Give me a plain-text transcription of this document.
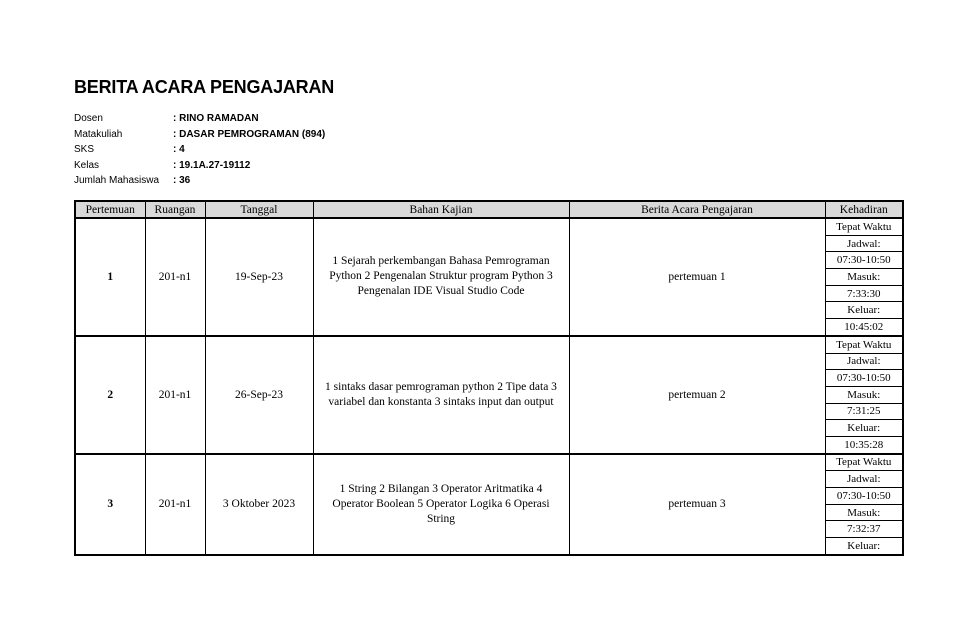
BERITA ACARA PENGAJARAN
Dosen	: RINO RAMADAN
Matakuliah	: DASAR PEMROGRAMAN (894)
SKS	: 4
Kelas	: 19.1A.27-19112
Jumlah Mahasiswa	: 36
Pertemuan	Ruangan	Tanggal	Bahan Kajian	Berita Acara Pengajaran	Kehadiran
1	201-n1	19-Sep-23	1 Sejarah perkembangan Bahasa Pemrograman Python 2 Pengenalan Struktur program Python 3 Pengenalan IDE Visual Studio Code	pertemuan 1	Tepat Waktu
					Jadwal:
					07:30-10:50
					Masuk:
					7:33:30
					Keluar:
					10:45:02
2	201-n1	26-Sep-23	1 sintaks dasar pemrograman python 2 Tipe data 3 variabel dan konstanta 3 sintaks input dan output	pertemuan 2	Tepat Waktu
					Jadwal:
					07:30-10:50
					Masuk:
					7:31:25
					Keluar:
					10:35:28
3	201-n1	3 Oktober 2023	1 String 2 Bilangan 3 Operator Aritmatika 4 Operator Boolean 5 Operator Logika 6 Operasi String	pertemuan 3	Tepat Waktu
					Jadwal:
					07:30-10:50
					Masuk:
					7:32:37
					Keluar:
